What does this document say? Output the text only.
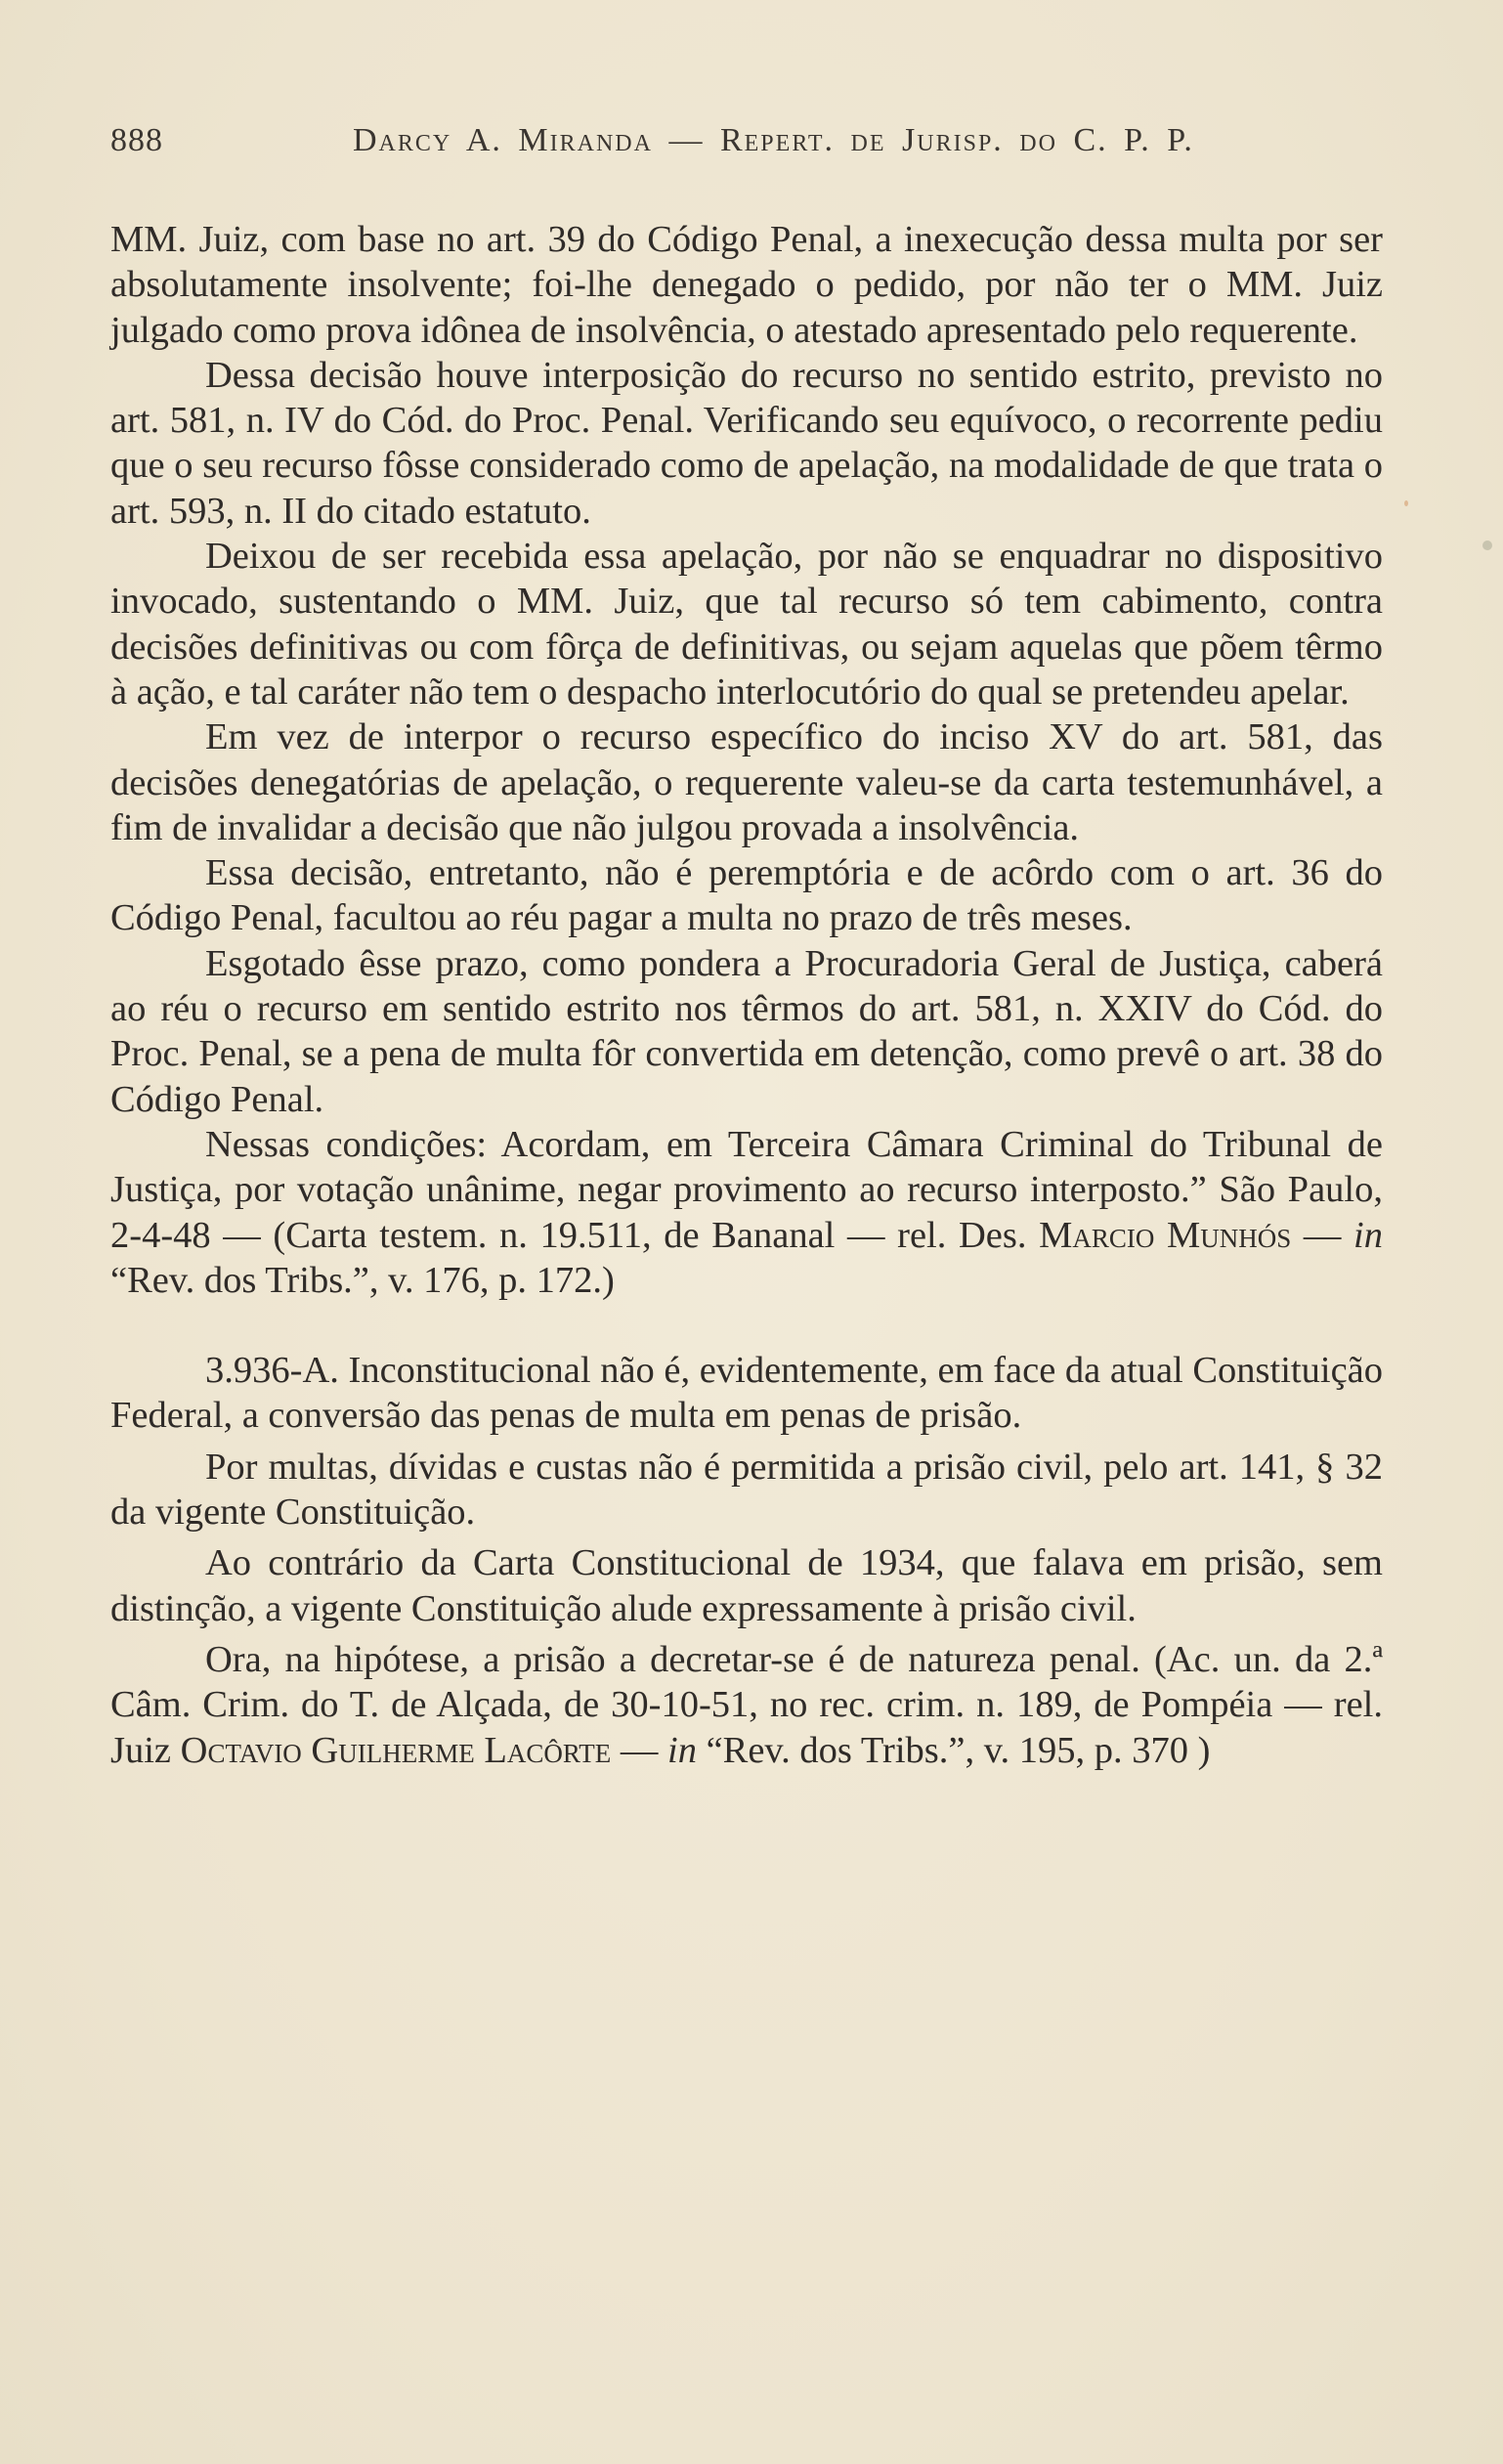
888	Darcy A. Miranda — Repert. de Jurisp. do C. P. P.

MM. Juiz, com base no art. 39 do Código Penal, a inexecução dessa multa por ser absolutamente insolvente; foi-lhe denegado o pedido, por não ter o MM. Juiz julgado como prova idônea de insolvência, o atestado apresentado pelo requerente.

Dessa decisão houve interposição do recurso no sentido estrito, previsto no art. 581, n. IV do Cód. do Proc. Penal. Verificando seu equívoco, o recorrente pediu que o seu recurso fôsse considerado como de apelação, na modalidade de que trata o art. 593, n. II do citado estatuto.

Deixou de ser recebida essa apelação, por não se enquadrar no dispositivo invocado, sustentando o MM. Juiz, que tal recurso só tem cabimento, contra decisões definitivas ou com fôrça de definitivas, ou sejam aquelas que põem têrmo à ação, e tal caráter não tem o despacho interlocutório do qual se pretendeu apelar.

Em vez de interpor o recurso específico do inciso XV do art. 581, das decisões denegatórias de apelação, o requerente valeu-se da carta testemunhável, a fim de invalidar a decisão que não julgou provada a insolvência.

Essa decisão, entretanto, não é peremptória e de acôrdo com o art. 36 do Código Penal, facultou ao réu pagar a multa no prazo de três meses.

Esgotado êsse prazo, como pondera a Procuradoria Geral de Justiça, caberá ao réu o recurso em sentido estrito nos têrmos do art. 581, n. XXIV do Cód. do Proc. Penal, se a pena de multa fôr convertida em detenção, como prevê o art. 38 do Código Penal.

Nessas condições: Acordam, em Terceira Câmara Criminal do Tribunal de Justiça, por votação unânime, negar provimento ao recurso interposto.” São Paulo, 2-4-48 — (Carta testem. n. 19.511, de Bananal — rel. Des. Marcio Munhós — in “Rev. dos Tribs.”, v. 176, p. 172.)

3.936-A. Inconstitucional não é, evidentemente, em face da atual Constituição Federal, a conversão das penas de multa em penas de prisão.

Por multas, dívidas e custas não é permitida a prisão civil, pelo art. 141, § 32 da vigente Constituição.

Ao contrário da Carta Constitucional de 1934, que falava em prisão, sem distinção, a vigente Constituição alude expressamente à prisão civil.

Ora, na hipótese, a prisão a decretar-se é de natureza penal. (Ac. un. da 2.ª Câm. Crim. do T. de Alçada, de 30-10-51, no rec. crim. n. 189, de Pompéia — rel. Juiz Octavio Guilherme Lacôrte — in “Rev. dos Tribs.”, v. 195, p. 370 )
